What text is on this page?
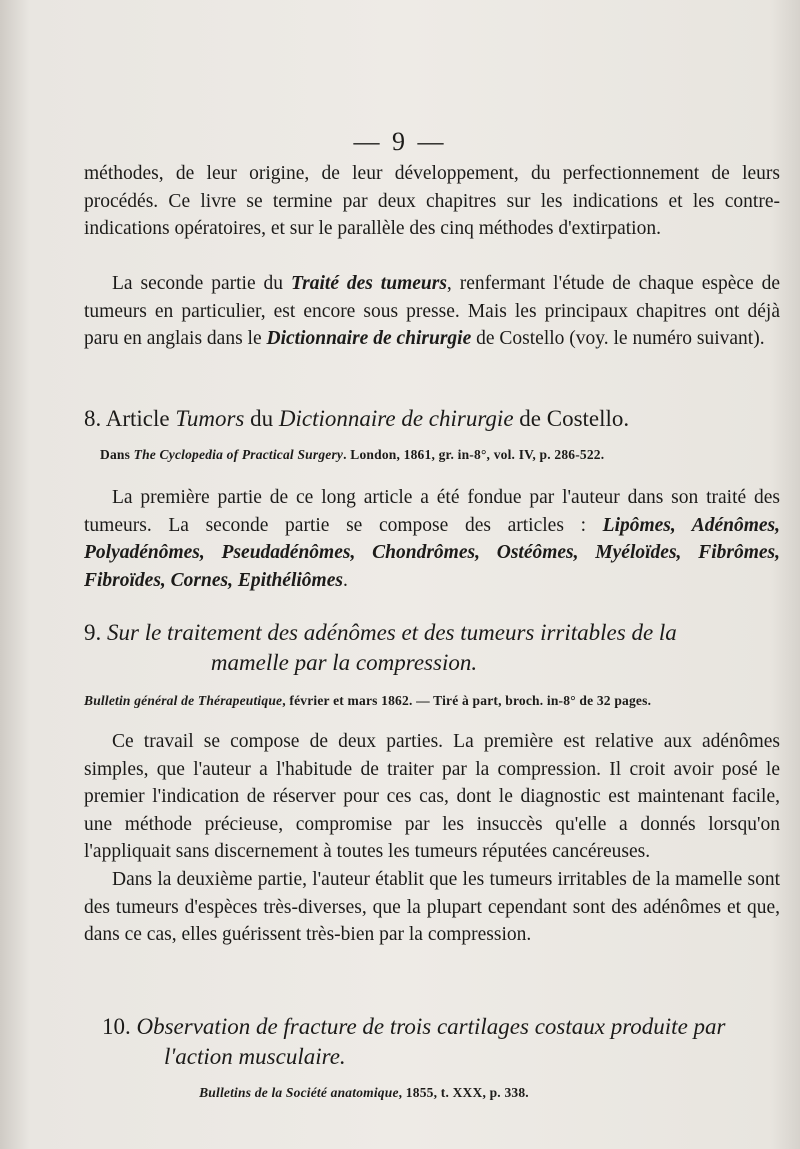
— 9 —

méthodes, de leur origine, de leur développement, du perfectionnement de leurs procédés. Ce livre se termine par deux chapitres sur les indications et les contre-indications opératoires, et sur le parallèle des cinq méthodes d'extirpation.

La seconde partie du Traité des tumeurs, renfermant l'étude de chaque espèce de tumeurs en particulier, est encore sous presse. Mais les principaux chapitres ont déjà paru en anglais dans le Dictionnaire de chirurgie de Costello (voy. le numéro suivant).

8. Article Tumors du Dictionnaire de chirurgie de Costello.

Dans The Cyclopedia of Practical Surgery. London, 1861, gr. in-8°, vol. IV, p. 286-522.

La première partie de ce long article a été fondue par l'auteur dans son traité des tumeurs. La seconde partie se compose des articles : Lipômes, Adénômes, Polyadénômes, Pseudadénômes, Chondrômes, Ostéômes, Myéloïdes, Fibrômes, Fibroïdes, Cornes, Epithéliômes.

9. Sur le traitement des adénômes et des tumeurs irritables de la

mamelle par la compression.

Bulletin général de Thérapeutique, février et mars 1862. — Tiré à part, broch. in-8° de 32 pages.

Ce travail se compose de deux parties. La première est relative aux adénômes simples, que l'auteur a l'habitude de traiter par la compression. Il croit avoir posé le premier l'indication de réserver pour ces cas, dont le diagnostic est maintenant facile, une méthode précieuse, compromise par les insuccès qu'elle a donnés lorsqu'on l'appliquait sans discernement à toutes les tumeurs réputées cancéreuses.

Dans la deuxième partie, l'auteur établit que les tumeurs irritables de la mamelle sont des tumeurs d'espèces très-diverses, que la plupart cependant sont des adénômes et que, dans ce cas, elles guérissent très-bien par la compression.

10. Observation de fracture de trois cartilages costaux produite par

l'action musculaire.

Bulletins de la Société anatomique, 1855, t. XXX, p. 338.
